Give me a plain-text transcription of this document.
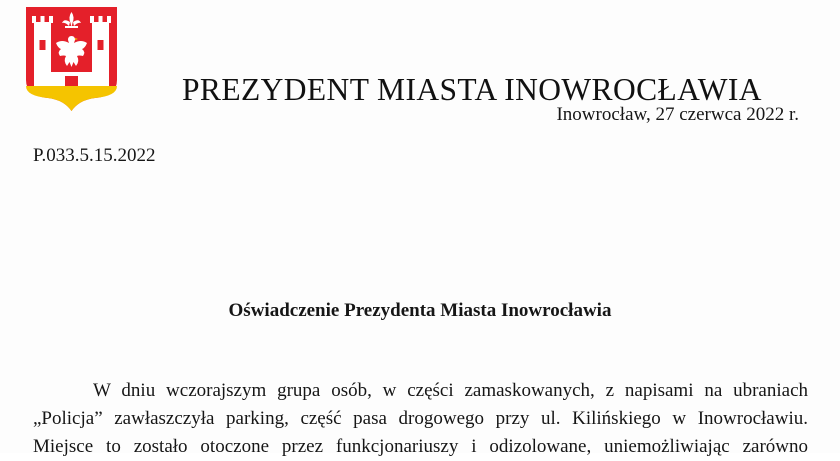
PREZYDENT MIASTA INOWROCŁAWIA
Inowrocław, 27 czerwca 2022 r.
P.033.5.15.2022
Oświadczenie Prezydenta Miasta Inowrocławia
W dniu wczorajszym grupa osób, w części zamaskowanych, z napisami na ubraniach
„Policja” zawłaszczyła parking, część pasa drogowego przy ul. Kilińskiego w Inowrocławiu.
Miejsce to zostało otoczone przez funkcjonariuszy i odizolowane, uniemożliwiając zarówno
